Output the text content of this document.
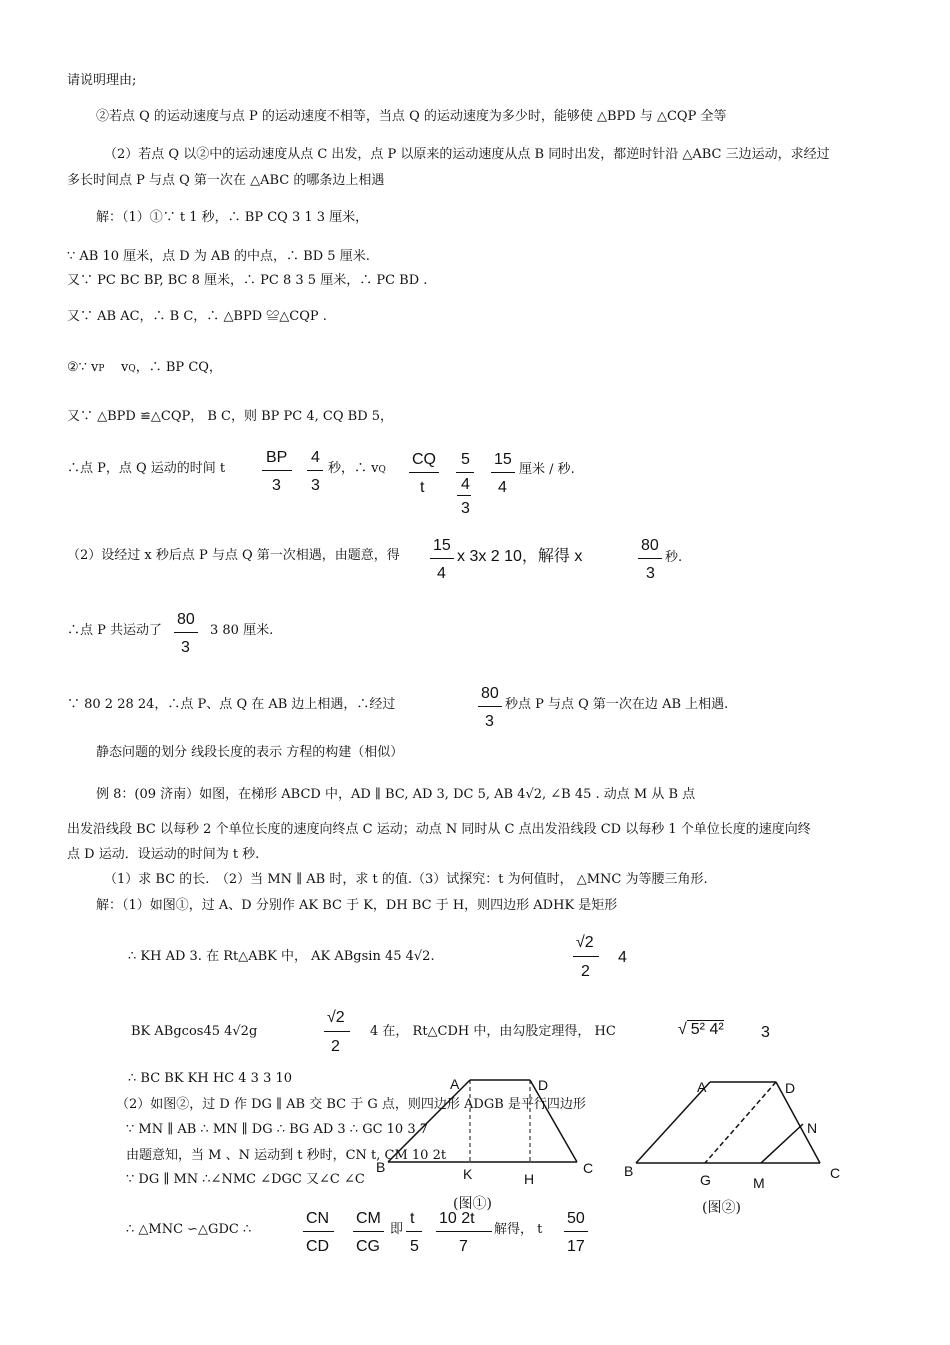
请说明理由;
②若点 Q 的运动速度与点 P 的运动速度不相等，当点 Q 的运动速度为多少时，能够使 △BPD 与 △CQP 全等
（2）若点 Q 以②中的运动速度从点 C 出发，点 P 以原来的运动速度从点 B 同时出发，都逆时针沿 △ABC 三边运动，求经过
多长时间点 P 与点 Q 第一次在 △ABC 的哪条边上相遇
解：（1）①∵ t 1 秒，∴ BP CQ 3 1 3 厘米，
∵ AB 10 厘米，点 D 为 AB 的中点，∴ BD 5 厘米.
又∵ PC BC BP, BC 8 厘米，∴ PC 8 3 5 厘米，∴ PC BD .
又∵ AB AC，∴ B C，∴ △BPD ≌△CQP .
②∵ vP vQ，∴ BP CQ，
又∵ △BPD ≌△CQP， B C，则 BP PC 4, CQ BD 5，
∴点 P，点 Q 运动的时间 t
BP
3
4
3
秒，∴ vQ
CQ
t
5
4
3
15
4
厘米 / 秒.
（2）设经过 x 秒后点 P 与点 Q 第一次相遇，由题意，得
15
4
x 3x 2 10，解得 x
80
3
秒.
∴点 P 共运动了
80
3
3 80 厘米.
∵ 80 2 28 24，∴点 P、点 Q 在 AB 边上相遇，∴经过
80
3
秒点 P 与点 Q 第一次在边 AB 上相遇.
静态问题的划分 线段长度的表示 方程的构建（相似）
例 8：(09 济南）如图，在梯形 ABCD 中，AD ∥ BC, AD 3, DC 5, AB 4√2, ∠B 45 . 动点 M 从 B 点
出发沿线段 BC 以每秒 2 个单位长度的速度向终点 C 运动；动点 N 同时从 C 点出发沿线段 CD 以每秒 1 个单位长度的速度向终
点 D 运动．设运动的时间为 t 秒.
（1）求 BC 的长.　（2）当 MN ∥ AB 时，求 t 的值.（3）试探究：t 为何值时， △MNC 为等腰三角形.
解：（1）如图①，过 A、D 分别作 AK BC 于 K，DH BC 于 H，则四边形 ADHK 是矩形
∴ KH AD 3. 在 Rt△ABK 中， AK ABgsin 45 4√2.
√2
2
4
BK ABgcos45 4√2g
√2
2
4 在， Rt△CDH 中，由勾股定理得， HC	√ 5² 4² 3
∴ BC BK KH HC 4 3 3 10
（2）如图②，过 D 作 DG ∥ AB 交 BC 于 G 点，则四边形 ADGB 是平行四边形
∵ MN ∥ AB ∴ MN ∥ DG ∴ BG AD 3 ∴ GC 10 3 7
由题意知，当 M 、N 运动到 t 秒时，CN t, CM 10 2t
∵ DG ∥ MN ∴∠NMC ∠DGC 又∠C ∠C
∴ △MNC ∽△GDC ∴
CN
CD
CM
CG
即
t
5
10 2t
7
解得， t
50
17
A	D
B	K	H
C
(图①)
A	D
N
B
G	M
C
(图②)
